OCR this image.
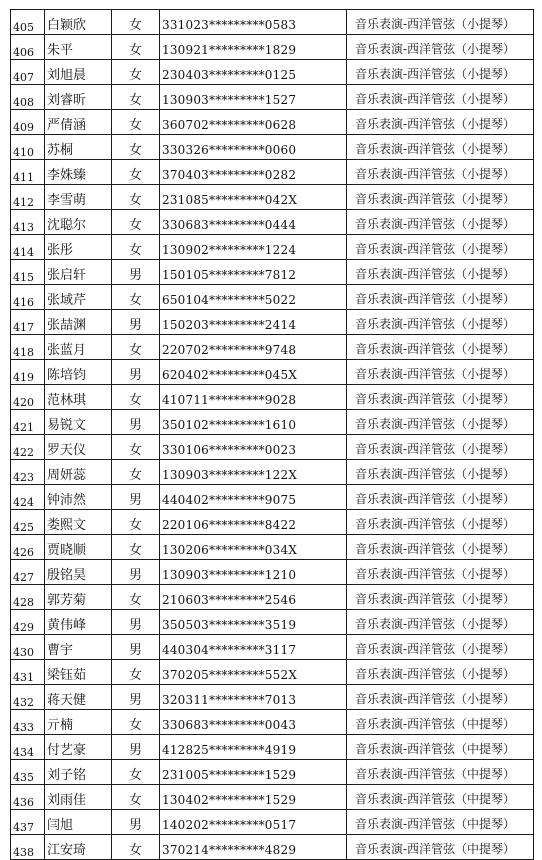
405	白颖欣	女	331023*********0583	音乐表演-西洋管弦（小提琴）
406	朱平	女	130921*********1829	音乐表演-西洋管弦（小提琴）
407	刘旭晨	女	230403*********0125	音乐表演-西洋管弦（小提琴）
408	刘睿昕	女	130903*********1527	音乐表演-西洋管弦（小提琴）
409	严倩涵	女	360702*********0628	音乐表演-西洋管弦（小提琴）
410	苏桐	女	330326*********0060	音乐表演-西洋管弦（小提琴）
411	李姝臻	女	370403*********0282	音乐表演-西洋管弦（小提琴）
412	李雪萌	女	231085*********042X	音乐表演-西洋管弦（小提琴）
413	沈聪尔	女	330683*********0444	音乐表演-西洋管弦（小提琴）
414	张彤	女	130902*********1224	音乐表演-西洋管弦（小提琴）
415	张启轩	男	150105*********7812	音乐表演-西洋管弦（小提琴）
416	张域芹	女	650104*********5022	音乐表演-西洋管弦（小提琴）
417	张喆渊	男	150203*********2414	音乐表演-西洋管弦（小提琴）
418	张蓝月	女	220702*********9748	音乐表演-西洋管弦（小提琴）
419	陈培钧	男	620402*********045X	音乐表演-西洋管弦（小提琴）
420	范林琪	女	410711*********9028	音乐表演-西洋管弦（小提琴）
421	易锐文	男	350102*********1610	音乐表演-西洋管弦（小提琴）
422	罗天仪	女	330106*********0023	音乐表演-西洋管弦（小提琴）
423	周妍蕊	女	130903*********122X	音乐表演-西洋管弦（小提琴）
424	钟沛然	男	440402*********9075	音乐表演-西洋管弦（小提琴）
425	娄熙文	女	220106*********8422	音乐表演-西洋管弦（小提琴）
426	贾晓顺	女	130206*********034X	音乐表演-西洋管弦（小提琴）
427	殷铭昊	男	130903*********1210	音乐表演-西洋管弦（小提琴）
428	郭芳菊	女	210603*********2546	音乐表演-西洋管弦（小提琴）
429	黄伟峰	男	350503*********3519	音乐表演-西洋管弦（小提琴）
430	曹宇	男	440304*********3117	音乐表演-西洋管弦（小提琴）
431	梁钰茹	女	370205*********552X	音乐表演-西洋管弦（小提琴）
432	蒋天健	男	320311*********7013	音乐表演-西洋管弦（小提琴）
433	亓楠	女	330683*********0043	音乐表演-西洋管弦（中提琴）
434	付艺豪	男	412825*********4919	音乐表演-西洋管弦（中提琴）
435	刘子铭	女	231005*********1529	音乐表演-西洋管弦（中提琴）
436	刘雨佳	女	130402*********1529	音乐表演-西洋管弦（中提琴）
437	闫旭	男	140202*********0517	音乐表演-西洋管弦（中提琴）
438	江安琦	女	370214*********4829	音乐表演-西洋管弦（中提琴）
